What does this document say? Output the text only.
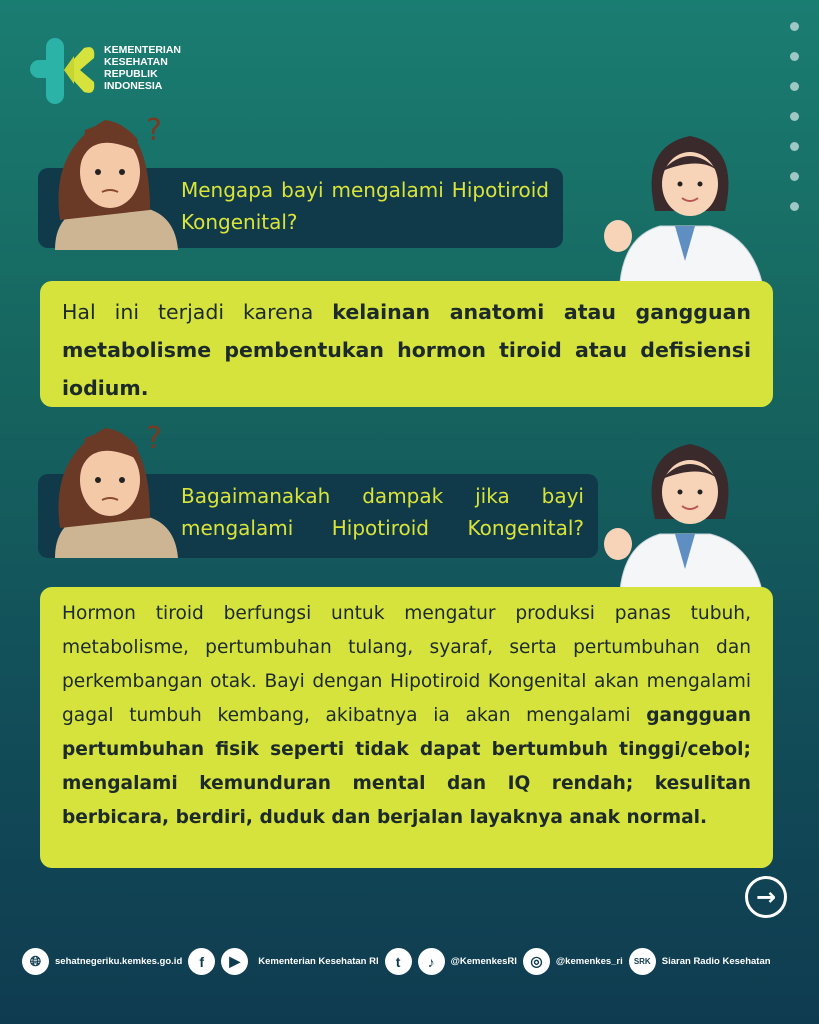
KEMENTERIAN
KESEHATAN
REPUBLIK
INDONESIA
Mengapa bayi mengalami Hipotiroid Kongenital?
?
Hal ini terjadi karena kelainan anatomi atau gangguan metabolisme pembentukan hormon tiroid atau defisiensi iodium.
Bagaimanakah dampak jika bayi mengalami Hipotiroid Kongenital?
?
Hormon tiroid berfungsi untuk mengatur produksi panas tubuh, metabolisme, pertumbuhan tulang, syaraf, serta pertumbuhan dan perkembangan otak. Bayi dengan Hipotiroid Kongenital akan mengalami gagal tumbuh kembang, akibatnya ia akan mengalami gangguan pertumbuhan fisik seperti tidak dapat bertumbuh tinggi/cebol; mengalami kemunduran mental dan IQ rendah; kesulitan berbicara, berdiri, duduk dan berjalan layaknya anak normal.
→
🌐︎	sehatnegeriku.kemkes.go.id	f	▶	Kementerian Kesehatan RI	t	♪	@KemenkesRI ◎	@kemenkes_ri	SRK	Siaran Radio Kesehatan
